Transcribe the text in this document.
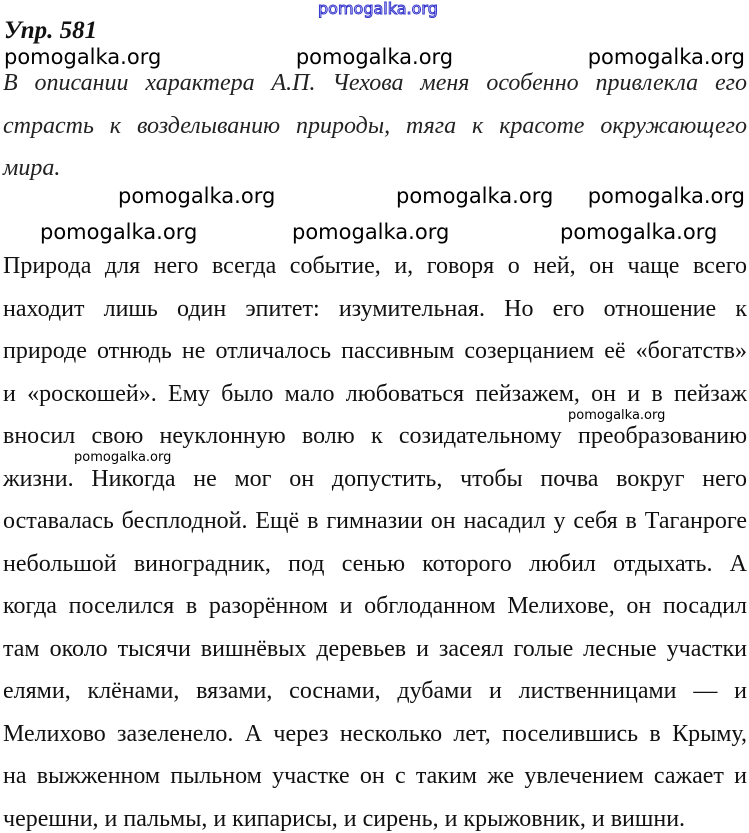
pomogalka.org
Упр. 581
В описании характера А.П. Чехова меня особенно привлекла его
страсть к возделыванию природы, тяга к красоте окружающего
мира.
Природа для него всегда событие, и, говоря о ней, он чаще всего
находит лишь один эпитет: изумительная. Но его отношение к
природе отнюдь не отличалось пассивным созерцанием её «богатств»
и «роскошей». Ему было мало любоваться пейзажем, он и в пейзаж
вносил свою неуклонную волю к созидательному преобразованию
жизни. Никогда не мог он допустить, чтобы почва вокруг него
оставалась бесплодной. Ещё в гимназии он насадил у себя в Таганроге
небольшой виноградник, под сенью которого любил отдыхать. А
когда поселился в разорённом и обглоданном Мелихове, он посадил
там около тысячи вишнёвых деревьев и засеял голые лесные участки
елями, клёнами, вязами, соснами, дубами и лиственницами — и
Мелихово зазеленело. А через несколько лет, поселившись в Крыму,
на выжженном пыльном участке он с таким же увлечением сажает и
черешни, и пальмы, и кипарисы, и сирень, и крыжовник, и вишни.
pomogalka.org	pomogalka.org	pomogalka.org
pomogalka.org	pomogalka.org
pomogalka.org
pomogalka.org
pomogalka.org
pomogalka.org	pomogalka.org
pomogalka.org
